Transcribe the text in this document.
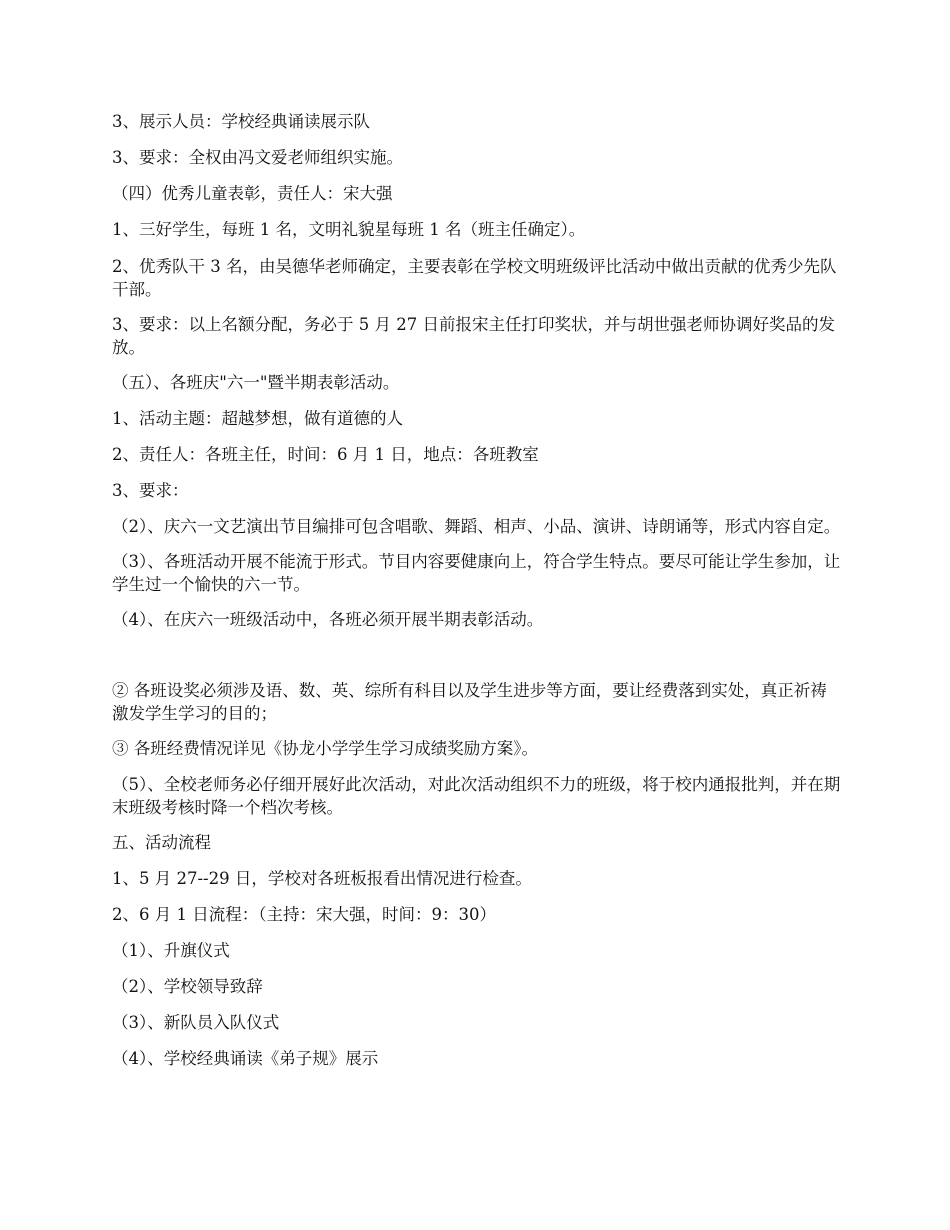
3、展示人员：学校经典诵读展示队

3、要求：全权由冯文爱老师组织实施。

（四）优秀儿童表彰，责任人：宋大强

1、三好学生，每班 1 名，文明礼貌星每班 1 名（班主任确定）。

2、优秀队干 3 名，由吴德华老师确定，主要表彰在学校文明班级评比活动中做出贡献的优秀少先队干部。

3、要求：以上名额分配，务必于 5 月 27 日前报宋主任打印奖状，并与胡世强老师协调好奖品的发放。

（五）、各班庆"六一"暨半期表彰活动。

1、活动主题：超越梦想，做有道德的人

2、责任人：各班主任，时间：6 月 1 日，地点：各班教室

3、要求：

（2）、庆六一文艺演出节目编排可包含唱歌、舞蹈、相声、小品、演讲、诗朗诵等，形式内容自定。

（3）、各班活动开展不能流于形式。节目内容要健康向上，符合学生特点。要尽可能让学生参加，让学生过一个愉快的六一节。

（4）、在庆六一班级活动中，各班必须开展半期表彰活动。

② 各班设奖必须涉及语、数、英、综所有科目以及学生进步等方面，要让经费落到实处，真正祈祷激发学生学习的目的；

③ 各班经费情况详见《协龙小学学生学习成绩奖励方案》。

（5）、全校老师务必仔细开展好此次活动，对此次活动组织不力的班级，将于校内通报批判，并在期末班级考核时降一个档次考核。

五、活动流程

1、5 月 27--29 日，学校对各班板报看出情况进行检查。

2、6 月 1 日流程：（主持：宋大强，时间：9：30）

（1）、升旗仪式

（2）、学校领导致辞

（3）、新队员入队仪式

（4）、学校经典诵读《弟子规》展示
